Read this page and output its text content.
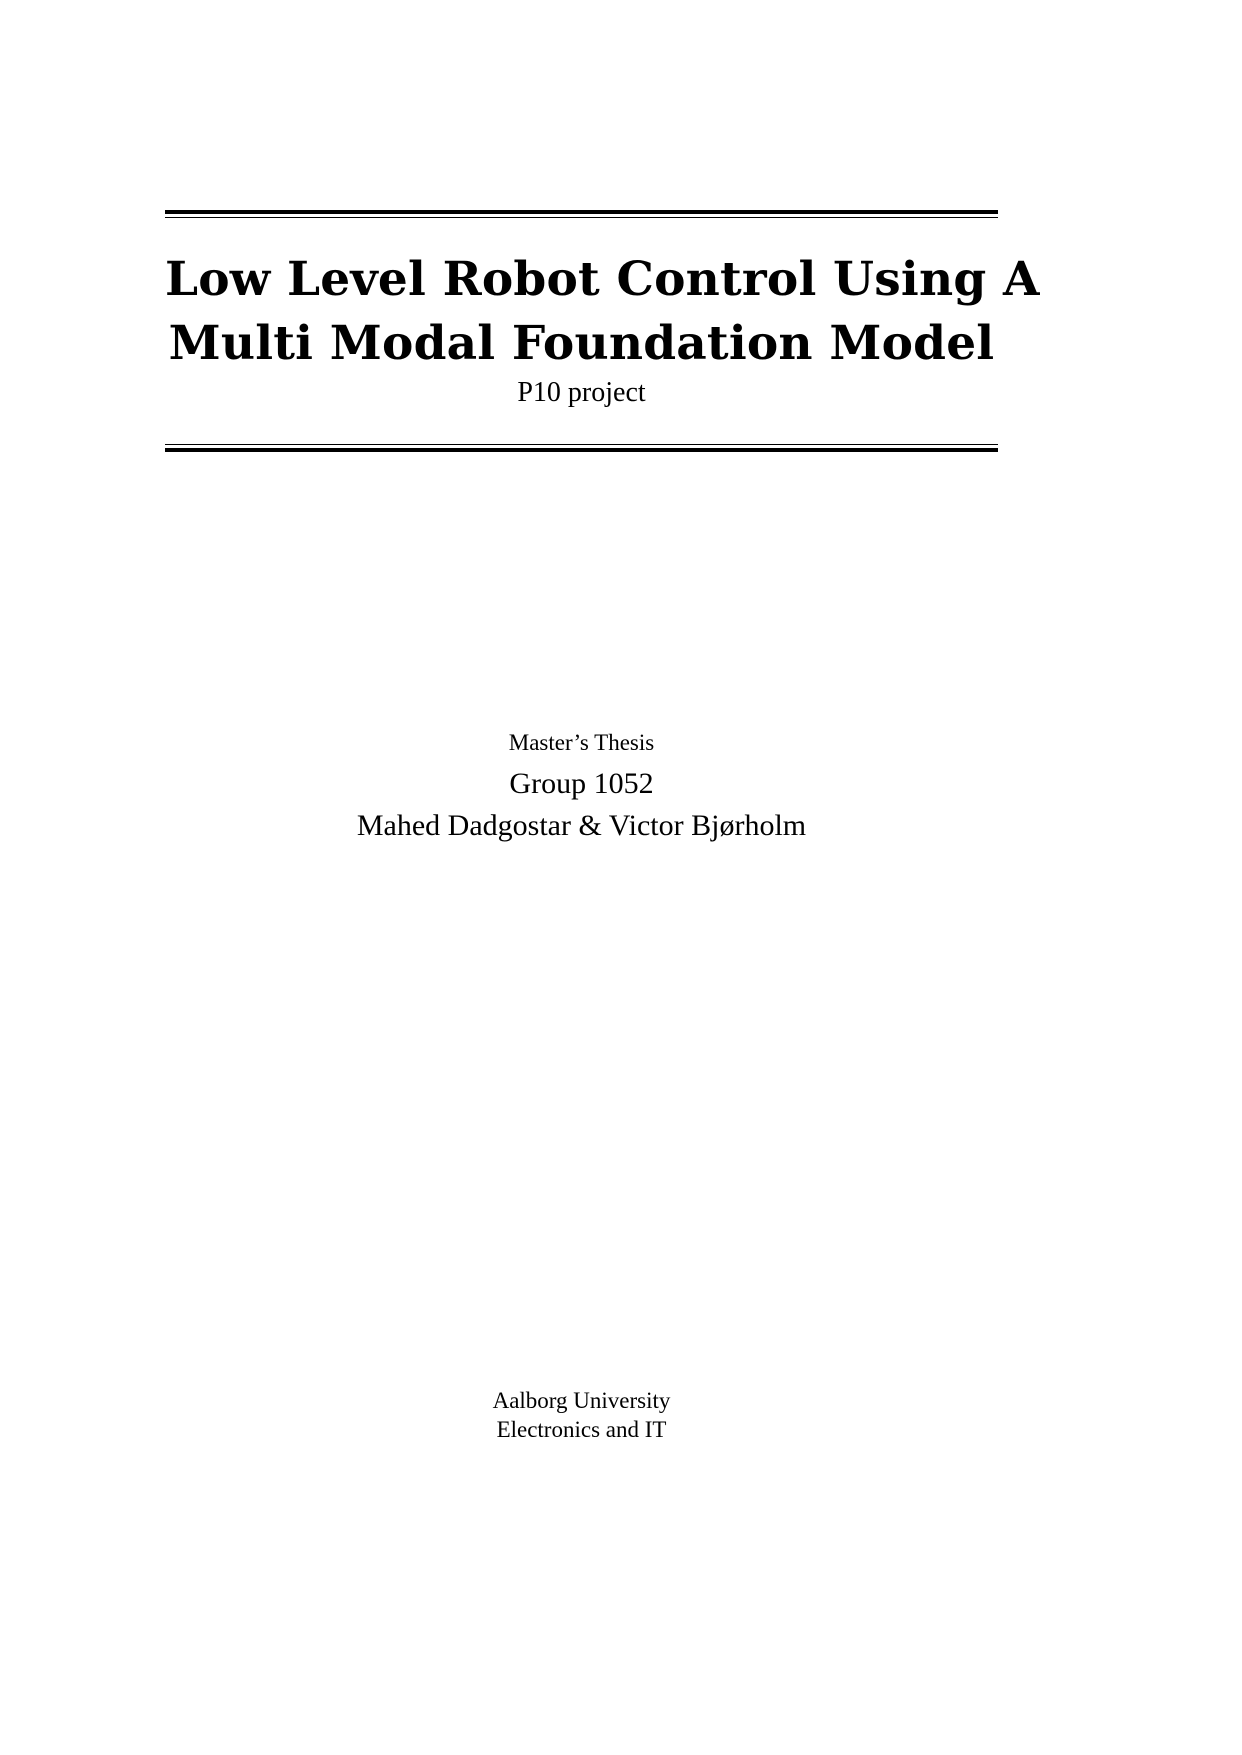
Low Level Robot Control Using A
Multi Modal Foundation Model
P10 project
Master’s Thesis
Group 1052
Mahed Dadgostar & Victor Bjørholm
Aalborg University
Electronics and IT
